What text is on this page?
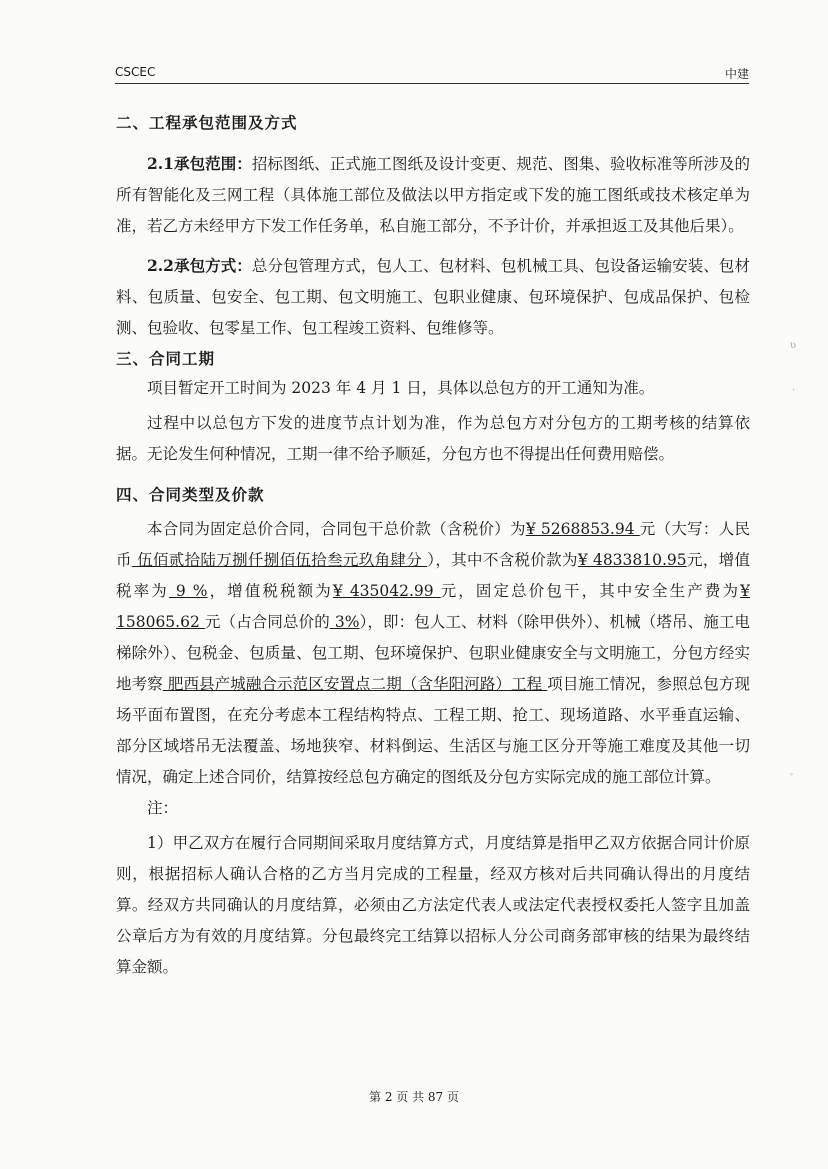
CSCEC	中建

二、工程承包范围及方式

2.1承包范围：招标图纸、正式施工图纸及设计变更、规范、图集、验收标准等所涉及的所有智能化及三网工程（具体施工部位及做法以甲方指定或下发的施工图纸或技术核定单为准，若乙方未经甲方下发工作任务单，私自施工部分，不予计价，并承担返工及其他后果）。

2.2承包方式：总分包管理方式，包人工、包材料、包机械工具、包设备运输安装、包材料、包质量、包安全、包工期、包文明施工、包职业健康、包环境保护、包成品保护、包检测、包验收、包零星工作、包工程竣工资料、包维修等。

三、合同工期

项目暂定开工时间为 2023 年 4 月 1 日，具体以总包方的开工通知为准。

过程中以总包方下发的进度节点计划为准，作为总包方对分包方的工期考核的结算依据。无论发生何种情况，工期一律不给予顺延，分包方也不得提出任何费用赔偿。

四、合同类型及价款

本合同为固定总价合同，合同包干总价款（含税价）为¥ 5268853.94 元（大写：人民币 伍佰贰拾陆万捌仟捌佰伍拾叁元玖角肆分 ），其中不含税价款为¥ 4833810.95元，增值税率为 9 %，增值税税额为¥ 435042.99 元，固定总价包干，其中安全生产费为¥ 158065.62 元（占合同总价的 3%），即：包人工、材料（除甲供外）、机械（塔吊、施工电梯除外）、包税金、包质量、包工期、包环境保护、包职业健康安全与文明施工，分包方经实地考察 肥西县产城融合示范区安置点二期（含华阳河路）工程 项目施工情况，参照总包方现场平面布置图，在充分考虑本工程结构特点、工程工期、抢工、现场道路、水平垂直运输、部分区域塔吊无法覆盖、场地狭窄、材料倒运、生活区与施工区分开等施工难度及其他一切情况，确定上述合同价，结算按经总包方确定的图纸及分包方实际完成的施工部位计算。

注：

1）甲乙双方在履行合同期间采取月度结算方式，月度结算是指甲乙双方依据合同计价原则，根据招标人确认合格的乙方当月完成的工程量，经双方核对后共同确认得出的月度结算。经双方共同确认的月度结算，必须由乙方法定代表人或法定代表授权委托人签字且加盖公章后方为有效的月度结算。分包最终完工结算以招标人分公司商务部审核的结果为最终结算金额。

ʋ
·
ﾞ
第 2 页 共 87 页
